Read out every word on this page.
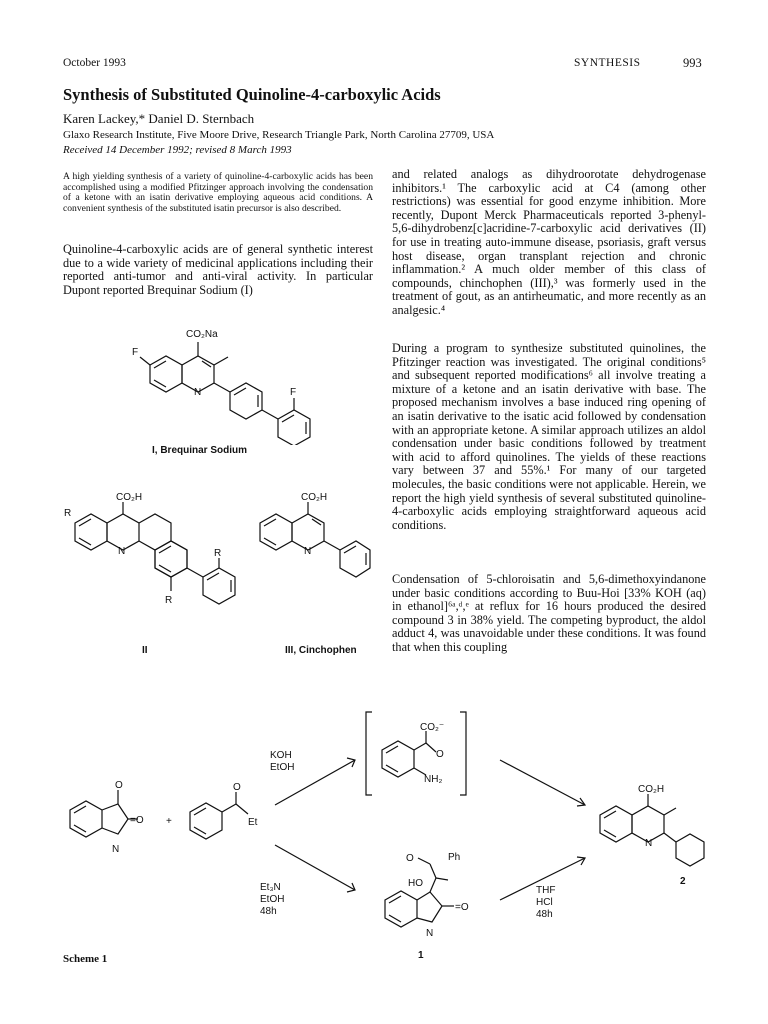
October 1993	SYNTHESIS	993
Synthesis of Substituted Quinoline-4-carboxylic Acids
Karen Lackey,* Daniel D. Sternbach
Glaxo Research Institute, Five Moore Drive, Research Triangle Park, North Carolina 27709, USA
Received 14 December 1992; revised 8 March 1993

A high yielding synthesis of a variety of quinoline-4-carboxylic acids has been accomplished using a modified Pfitzinger approach involving the condensation of a ketone with an isatin derivative employing aqueous acid conditions. A convenient synthesis of the substituted isatin precursor is also described.

Quinoline-4-carboxylic acids are of general synthetic interest due to a wide variety of medicinal applications including their reported anti-tumor and anti-viral activity. In particular Dupont reported Brequinar Sodium (I)

and related analogs as dihydroorotate dehydrogenase inhibitors.¹ The carboxylic acid at C4 (among other restrictions) was essential for good enzyme inhibition. More recently, Dupont Merck Pharmaceuticals reported 3-phenyl-5,6-dihydrobenz[c]acridine-7-carboxylic acid derivatives (II) for use in treating auto-immune disease, psoriasis, graft versus host disease, organ transplant rejection and chronic inflammation.² A much older member of this class of compounds, chinchophen (III),³ was formerly used in the treatment of gout, as an antirheumatic, and more recently as an analgesic.⁴

During a program to synthesize substituted quinolines, the Pfitzinger reaction was investigated. The original conditions⁵ and subsequent reported modifications⁶ all involve treating a mixture of a ketone and an isatin derivative with base. The proposed mechanism involves a base induced ring opening of an isatin derivative to the isatic acid followed by condensation with an appropriate ketone. A similar approach utilizes an aldol condensation under basic conditions followed by treatment with acid to afford quinolines. The yields of these reactions vary between 37 and 55%.¹ For many of our targeted molecules, the basic conditions were not applicable. Herein, we report the high yield synthesis of several substituted quinoline-4-carboxylic acids employing straightforward aqueous acid conditions.

Condensation of 5-chloroisatin and 5,6-dimethoxyindanone under basic conditions according to Buu-Hoi [33% KOH (aq) in ethanol]⁶ᵃ,ᵈ,ᵉ at reflux for 16 hours produced the desired compound 3 in 38% yield. The competing byproduct, the aldol adduct 4, was unavoidable under these conditions. It was found that when this coupling

CO₂Na
F
N	F
I, Brequinar Sodium
CO₂H
R
N	R
R
II
CO₂H
N
III, Cinchophen
=O
O
N
+
O
Et
KOH
EtOH
Et₃N
EtOH
48h
CO₂⁻
O
NH₂
THF
HCl
48h
O	Ph
HO
=O
N
CO₂H
N
1
2
Scheme 1
